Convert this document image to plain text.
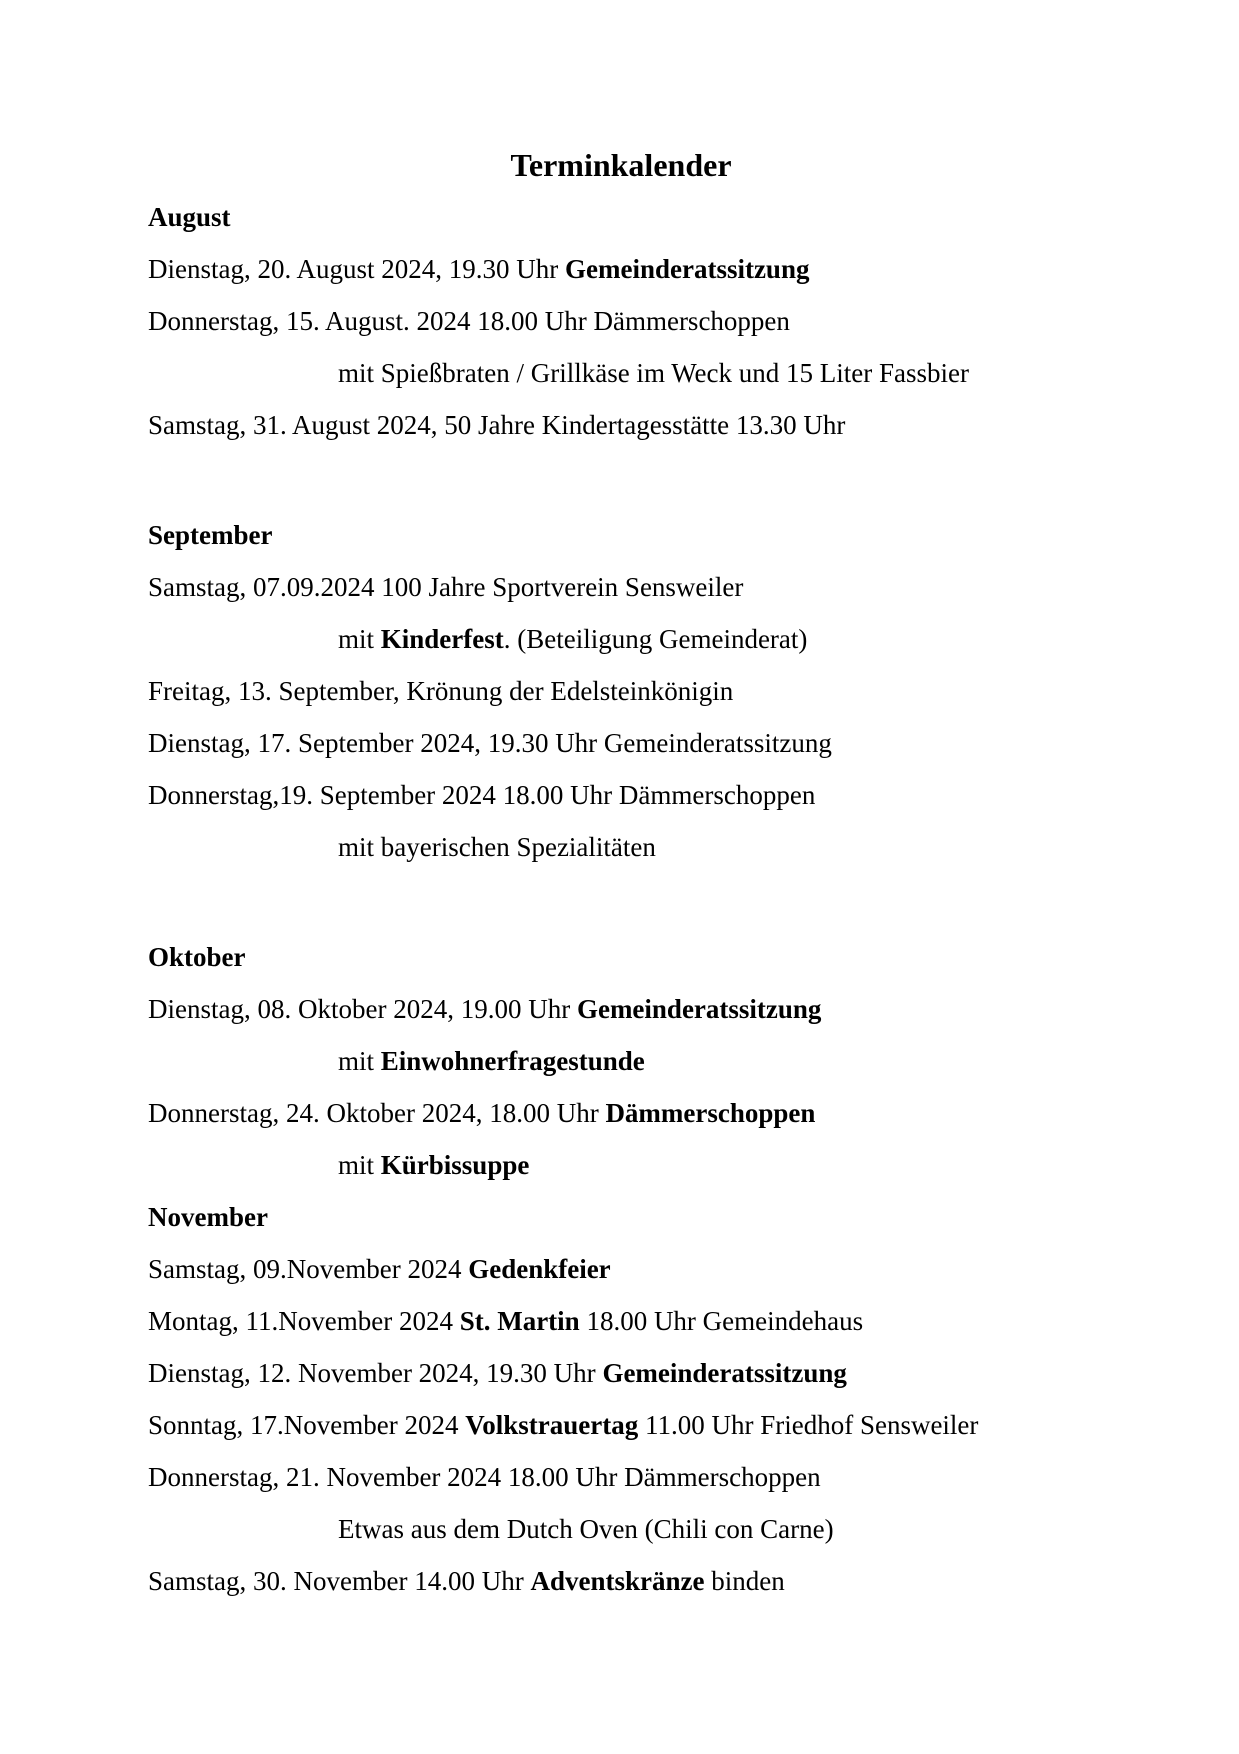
Terminkalender

August

Dienstag, 20. August 2024, 19.30 Uhr Gemeinderatssitzung

Donnerstag, 15. August. 2024 18.00 Uhr Dämmerschoppen

mit Spießbraten / Grillkäse im Weck und 15 Liter Fassbier

Samstag, 31. August 2024, 50 Jahre Kindertagesstätte 13.30 Uhr

September

Samstag, 07.09.2024 100 Jahre Sportverein Sensweiler

mit Kinderfest. (Beteiligung Gemeinderat)

Freitag, 13. September, Krönung der Edelsteinkönigin

Dienstag, 17. September 2024, 19.30 Uhr Gemeinderatssitzung

Donnerstag,19. September 2024 18.00 Uhr Dämmerschoppen

mit bayerischen Spezialitäten

Oktober

Dienstag, 08. Oktober 2024, 19.00 Uhr Gemeinderatssitzung

mit Einwohnerfragestunde

Donnerstag, 24. Oktober 2024, 18.00 Uhr Dämmerschoppen

mit Kürbissuppe

November

Samstag, 09.November 2024 Gedenkfeier

Montag, 11.November 2024 St. Martin 18.00 Uhr Gemeindehaus

Dienstag, 12. November 2024, 19.30 Uhr Gemeinderatssitzung

Sonntag, 17.November 2024 Volkstrauertag 11.00 Uhr Friedhof Sensweiler

Donnerstag, 21. November 2024 18.00 Uhr Dämmerschoppen

Etwas aus dem Dutch Oven (Chili con Carne)

Samstag, 30. November 14.00 Uhr Adventskränze binden
